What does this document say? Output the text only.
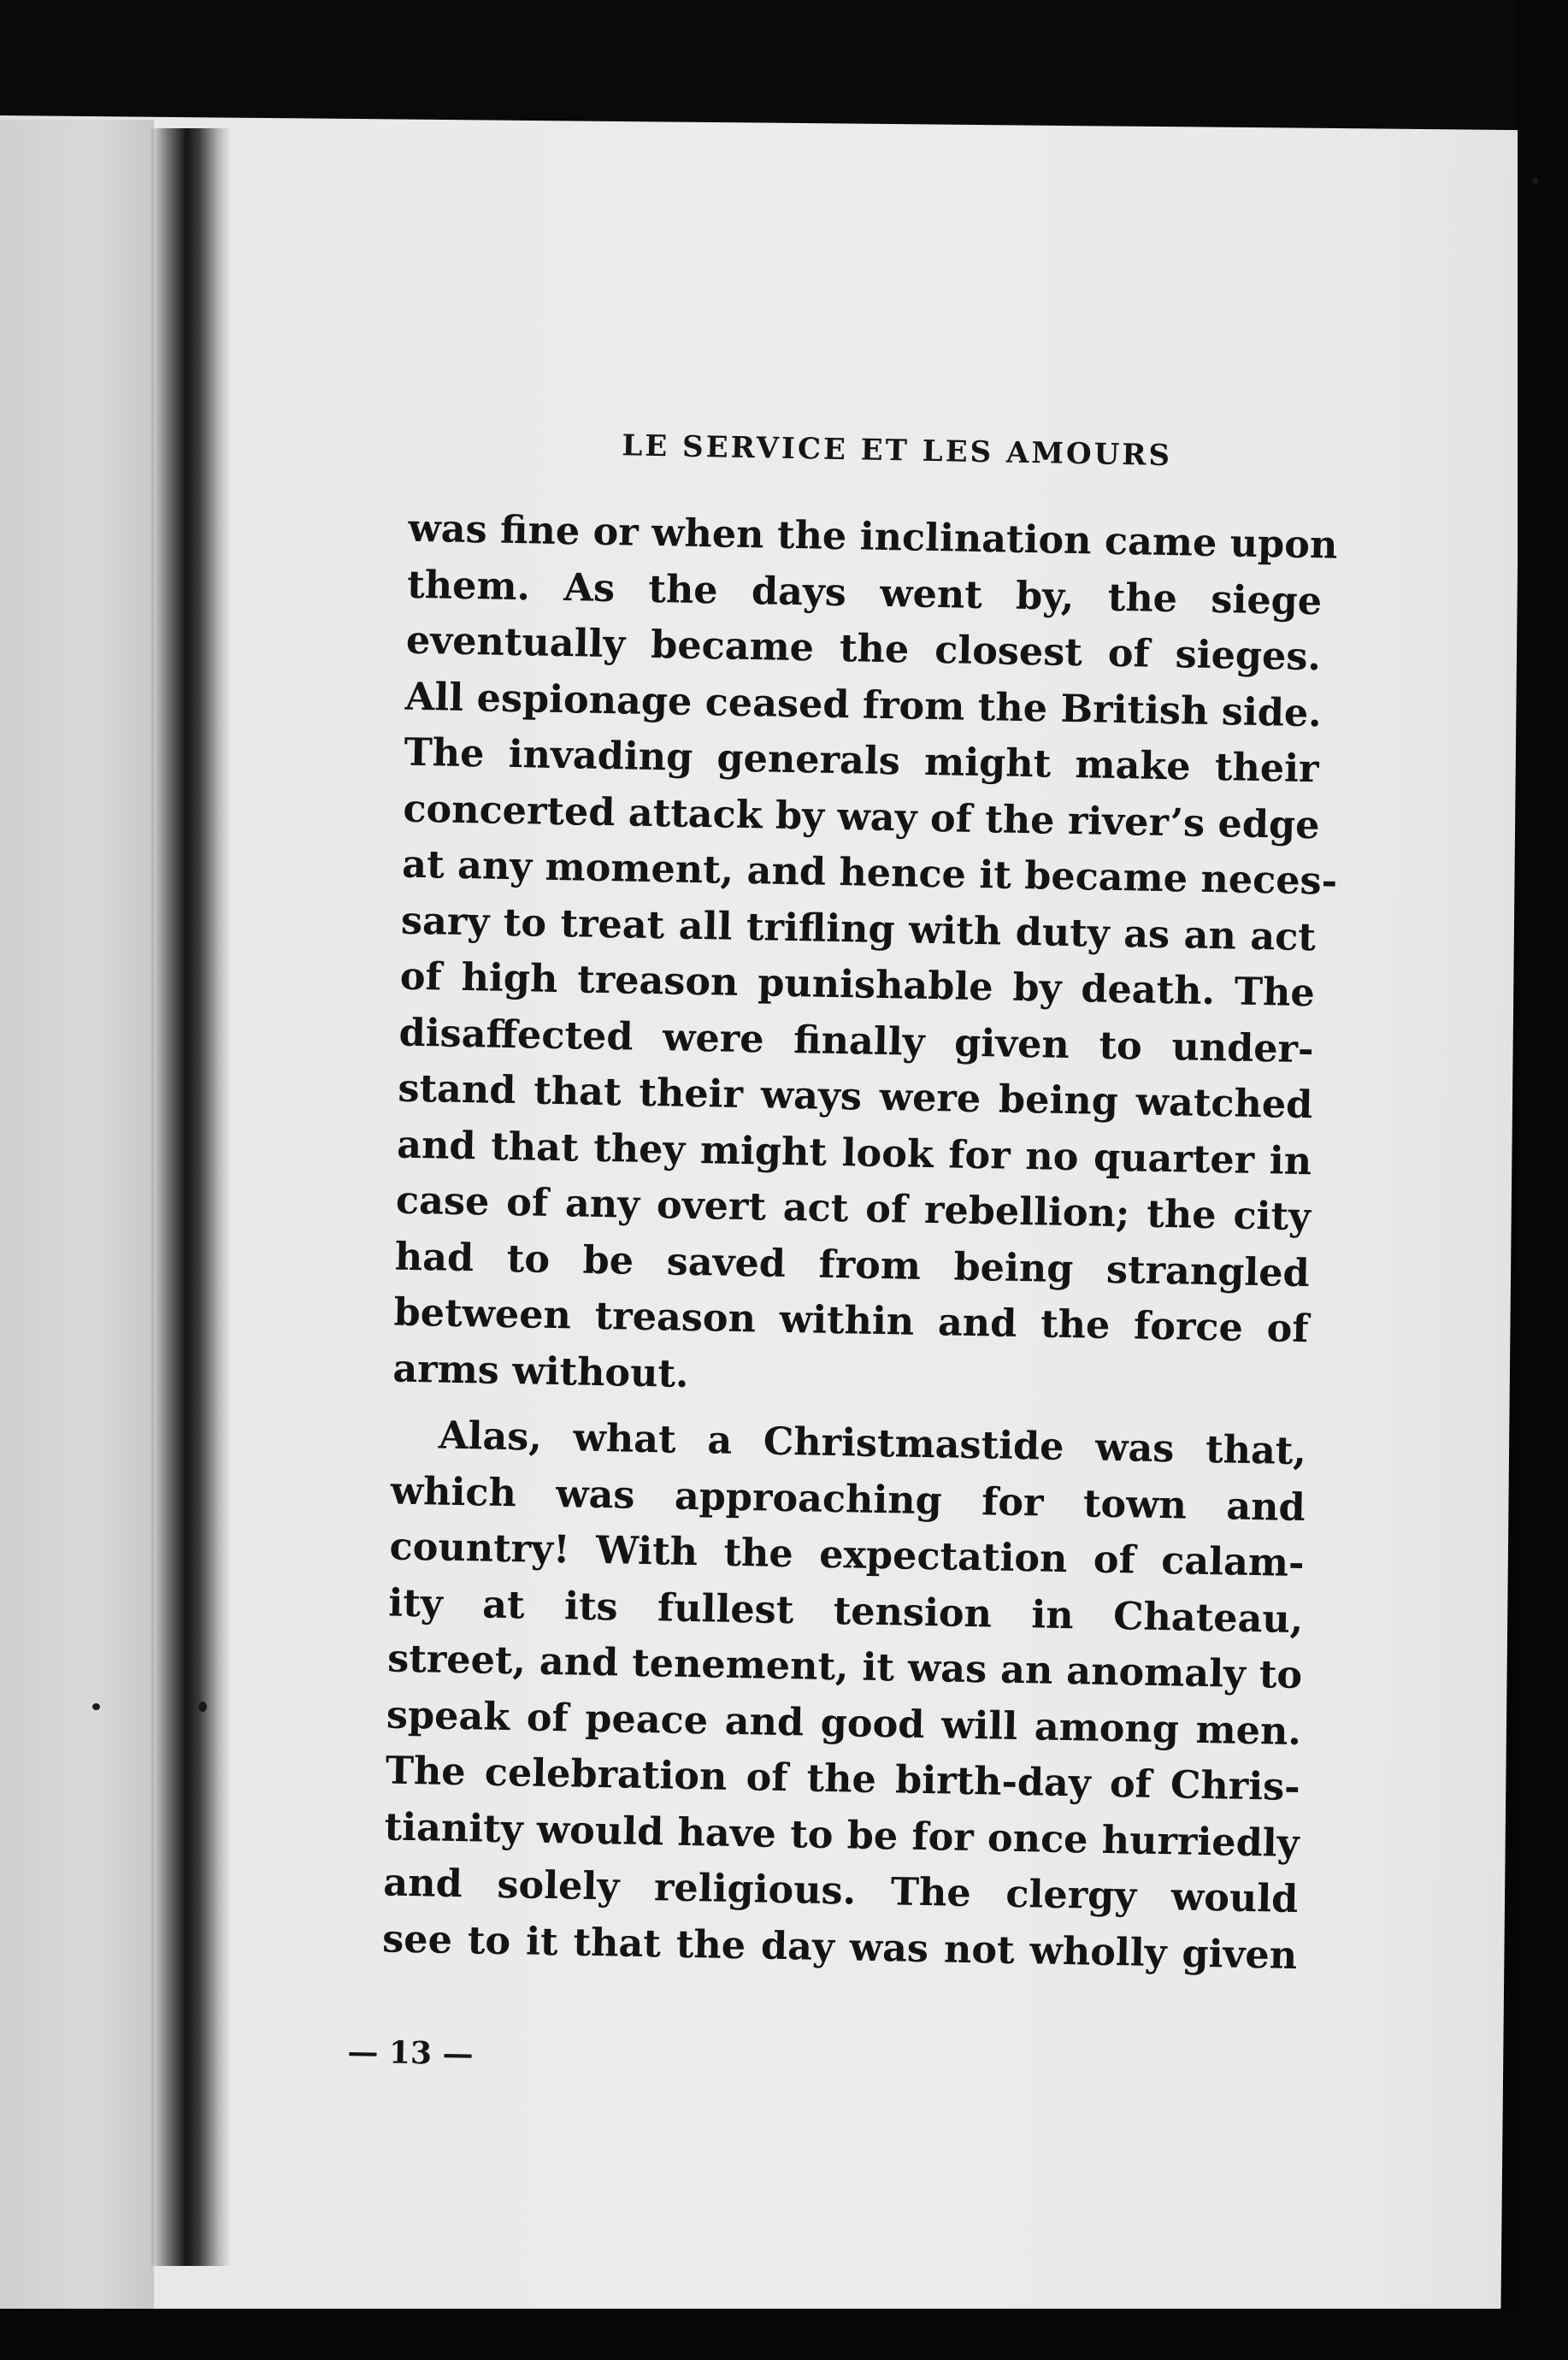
LE SERVICE ET LES AMOURS
was fine or when the inclination came upon
them. As the days went by, the siege
eventually became the closest of sieges.
All espionage ceased from the British side.
The invading generals might make their
concerted attack by way of the river’s edge
at any moment, and hence it became neces-
sary to treat all trifling with duty as an act
of high treason punishable by death. The
disaffected were finally given to under-
stand that their ways were being watched
and that they might look for no quarter in
case of any overt act of rebellion; the city
had to be saved from being strangled
between treason within and the force of
arms without.
Alas, what a Christmastide was that,
which was approaching for town and
country! With the expectation of calam-
ity at its fullest tension in Chateau,
street, and tenement, it was an anomaly to
speak of peace and good will among men.
The celebration of the birth-day of Chris-
tianity would have to be for once hurriedly
and solely religious. The clergy would
see to it that the day was not wholly given
— 13 —
